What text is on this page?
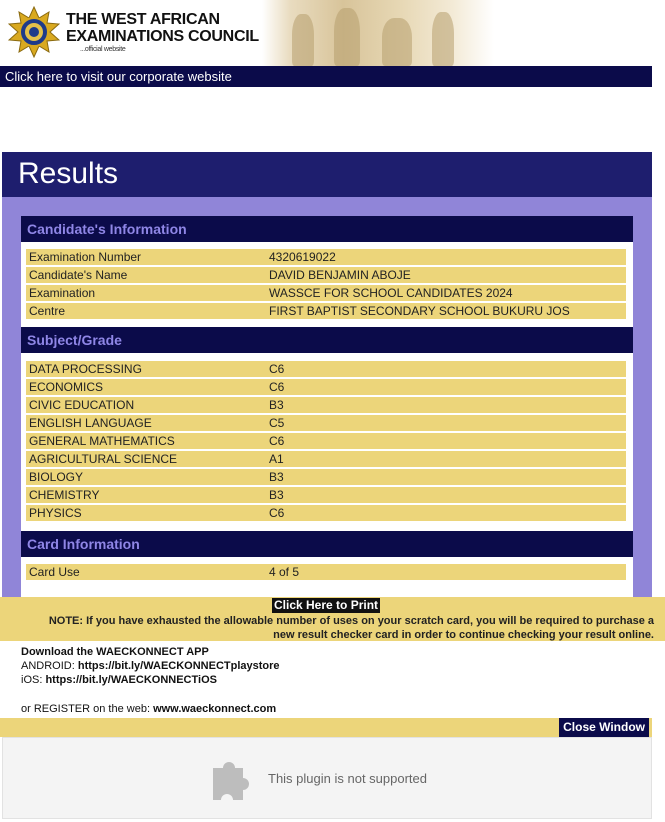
THE WEST AFRICAN
EXAMINATIONS COUNCIL
...official website
Click here to visit our corporate website
Results
Candidate's Information
Examination Number	4320619022
Candidate's Name	DAVID BENJAMIN ABOJE
Examination	WASSCE FOR SCHOOL CANDIDATES 2024
Centre	FIRST BAPTIST SECONDARY SCHOOL BUKURU JOS
Subject/Grade
DATA PROCESSING	C6
ECONOMICS	C6
CIVIC EDUCATION	B3
ENGLISH LANGUAGE	C5
GENERAL MATHEMATICS	C6
AGRICULTURAL SCIENCE	A1
BIOLOGY	B3
CHEMISTRY	B3
PHYSICS	C6
Card Information
Card Use	4 of 5
Click Here to Print
NOTE: If you have exhausted the allowable number of uses on your scratch card, you will be required to purchase a
new result checker card in order to continue checking your result online.
Download the WAECKONNECT APP
ANDROID: https://bit.ly/WAECKONNECTplaystore
iOS: https://bit.ly/WAECKONNECTiOS
or REGISTER on the web: www.waeckonnect.com
Close Window
This plugin is not supported
